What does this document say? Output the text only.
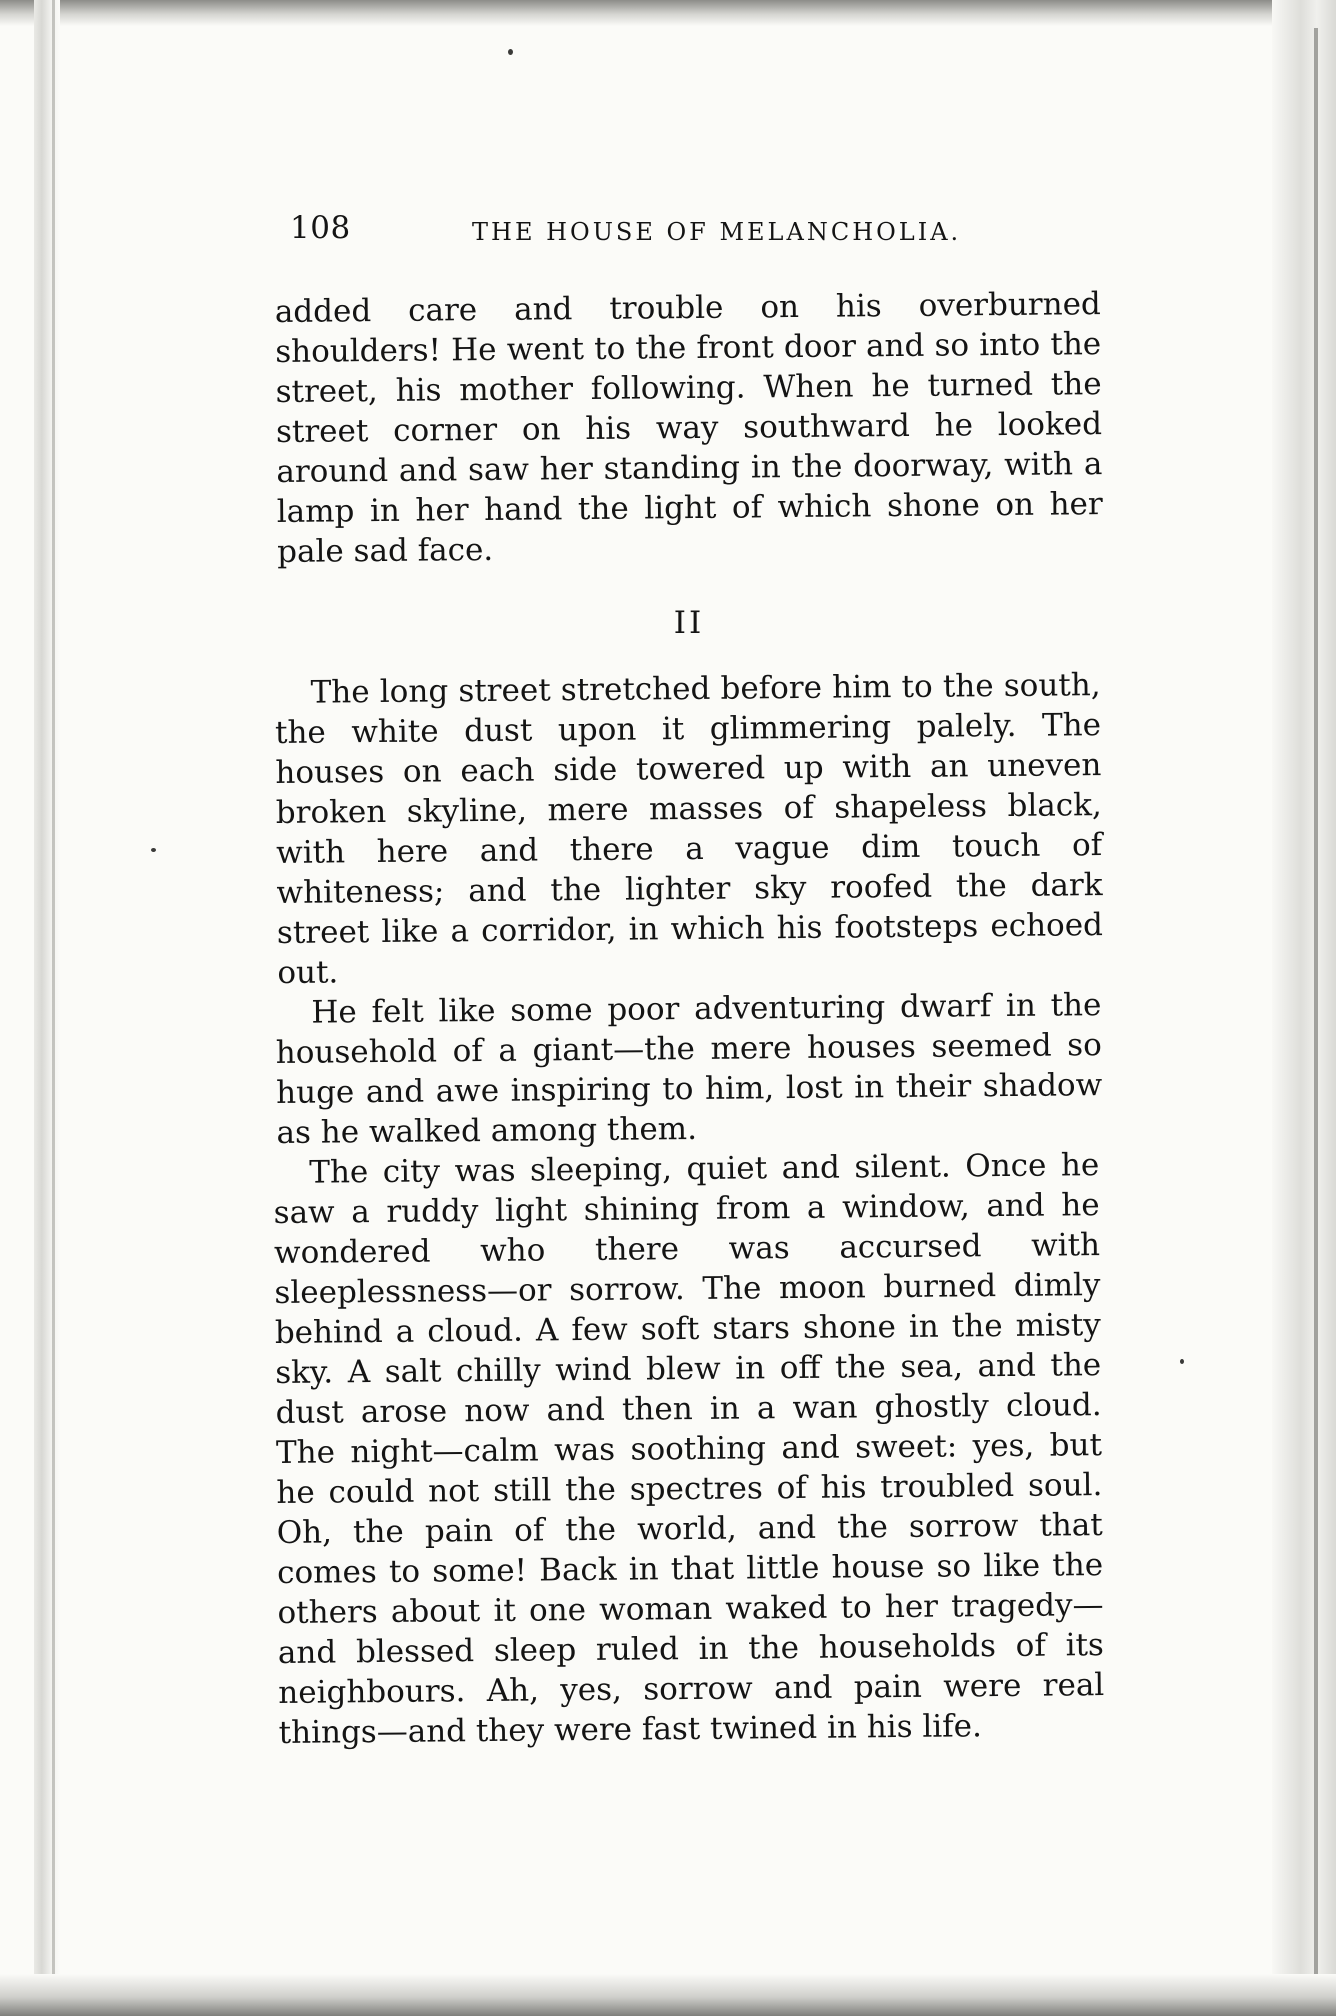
108	THE HOUSE OF MELANCHOLIA.

added care and trouble on his overburned shoulders! He went to the front door and so into the street, his mother following. When he turned the street corner on his way southward he looked around and saw her standing in the doorway, with a lamp in her hand the light of which shone on her pale sad face.

II

The long street stretched before him to the south, the white dust upon it glimmering palely. The houses on each side towered up with an uneven broken skyline, mere masses of shapeless black, with here and there a vague dim touch of whiteness; and the lighter sky roofed the dark street like a corridor, in which his footsteps echoed out.

He felt like some poor adventuring dwarf in the household of a giant—the mere houses seemed so huge and awe inspiring to him, lost in their shadow as he walked among them.

The city was sleeping, quiet and silent. Once he saw a ruddy light shining from a window, and he wondered who there was accursed with sleeplessness—or sorrow. The moon burned dimly behind a cloud. A few soft stars shone in the misty sky. A salt chilly wind blew in off the sea, and the dust arose now and then in a wan ghostly cloud. The night—calm was soothing and sweet: yes, but he could not still the spectres of his troubled soul. Oh, the pain of the world, and the sorrow that comes to some! Back in that little house so like the others about it one woman waked to her tragedy—and blessed sleep ruled in the households of its neighbours. Ah, yes, sorrow and pain were real things—and they were fast twined in his life.
